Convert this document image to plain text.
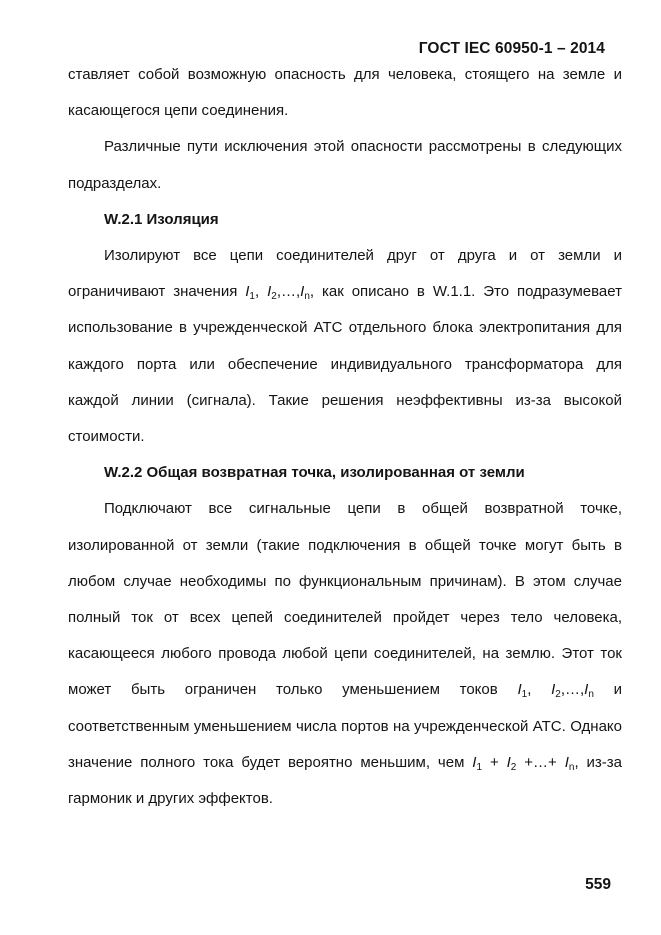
ГОСТ IEC 60950-1 – 2014

ставляет собой возможную опасность для человека, стоящего на земле и касающегося цепи соединения.

Различные пути исключения этой опасности рассмотрены в следующих подразделах.

W.2.1 Изоляция

Изолируют все цепи соединителей друг от друга и от земли и ограничивают значения $I_1$, $I_2,\dots,I_n$, как описано в W.1.1. Это подразумевает использование в учрежденческой АТС отдельного блока электропитания для каждого порта или обеспечение индивидуального трансформатора для каждой линии (сигнала). Такие решения неэффективны из-за высокой стоимости.

W.2.2 Общая возвратная точка, изолированная от земли

Подключают все сигнальные цепи в общей возвратной точке, изолированной от земли (такие подключения в общей точке могут быть в любом случае необходимы по функциональным причинам). В этом случае полный ток от всех цепей соединителей пройдет через тело человека, касающееся любого провода любой цепи соединителей, на землю. Этот ток может быть ограничен только уменьшением токов $I_1$, $I_2,\dots,I_n$ и соответственным уменьшением числа портов на учрежденческой АТС. Однако значение полного тока будет вероятно меньшим, чем $I_1 + I_2$ +…+ $I_n$, из-за гармоник и других эффектов.

559
